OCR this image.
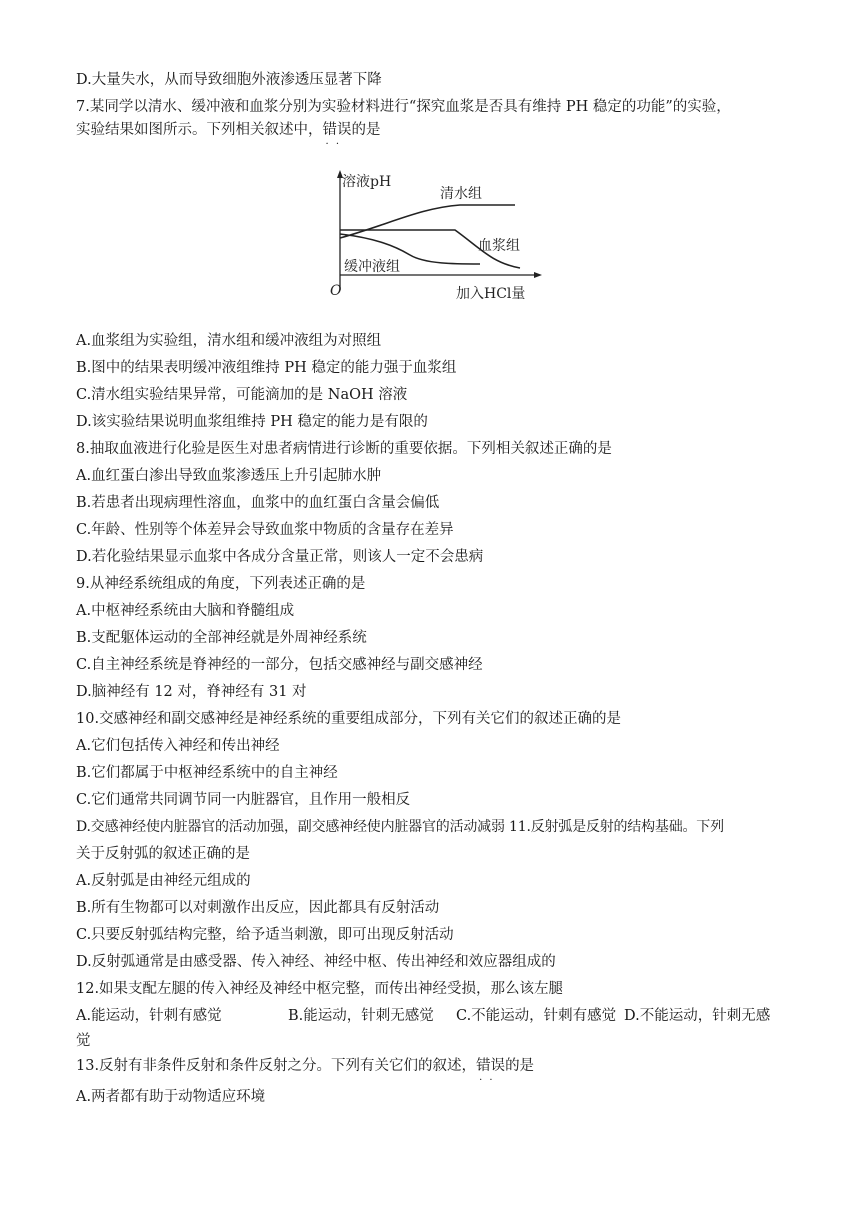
D.大量失水，从而导致细胞外液渗透压显著下降
7.某同学以清水、缓冲液和血浆分别为实验材料进行“探究血浆是否具有维持 PH 稳定的功能”的实验，
实验结果如图所示。下列相关叙述中，错误 · ·的是
溶液pH
清水组
血浆组
缓冲液组
O	加入HCl量
A.血浆组为实验组，清水组和缓冲液组为对照组
B.图中的结果表明缓冲液组维持 PH 稳定的能力强于血浆组
C.清水组实验结果异常，可能滴加的是 NaOH 溶液
D.该实验结果说明血浆组维持 PH 稳定的能力是有限的
8.抽取血液进行化验是医生对患者病情进行诊断的重要依据。下列相关叙述正确的是
A.血红蛋白渗出导致血浆渗透压上升引起肺水肿
B.若患者出现病理性溶血，血浆中的血红蛋白含量会偏低
C.年龄、性别等个体差异会导致血浆中物质的含量存在差异
D.若化验结果显示血浆中各成分含量正常，则该人一定不会患病
9.从神经系统组成的角度，下列表述正确的是
A.中枢神经系统由大脑和脊髓组成
B.支配躯体运动的全部神经就是外周神经系统
C.自主神经系统是脊神经的一部分，包括交感神经与副交感神经
D.脑神经有 12 对，脊神经有 31 对
10.交感神经和副交感神经是神经系统的重要组成部分，下列有关它们的叙述正确的是
A.它们包括传入神经和传出神经
B.它们都属于中枢神经系统中的自主神经
C.它们通常共同调节同一内脏器官，且作用一般相反
D.交感神经使内脏器官的活动加强，副交感神经使内脏器官的活动减弱 11.反射弧是反射的结构基础。下列
关于反射弧的叙述正确的是
A.反射弧是由神经元组成的
B.所有生物都可以对刺激作出反应，因此都具有反射活动
C.只要反射弧结构完整，给予适当刺激，即可出现反射活动
D.反射弧通常是由感受器、传入神经、神经中枢、传出神经和效应器组成的
12.如果支配左腿的传入神经及神经中枢完整，而传出神经受损，那么该左腿
A.能运动，针刺有感觉	B.能运动，针刺无感觉 C.不能运动，针刺有感觉 D.不能运动，针刺无感
觉
13.反射有非条件反射和条件反射之分。下列有关它们的叙述，错误 · ·的是
A.两者都有助于动物适应环境
